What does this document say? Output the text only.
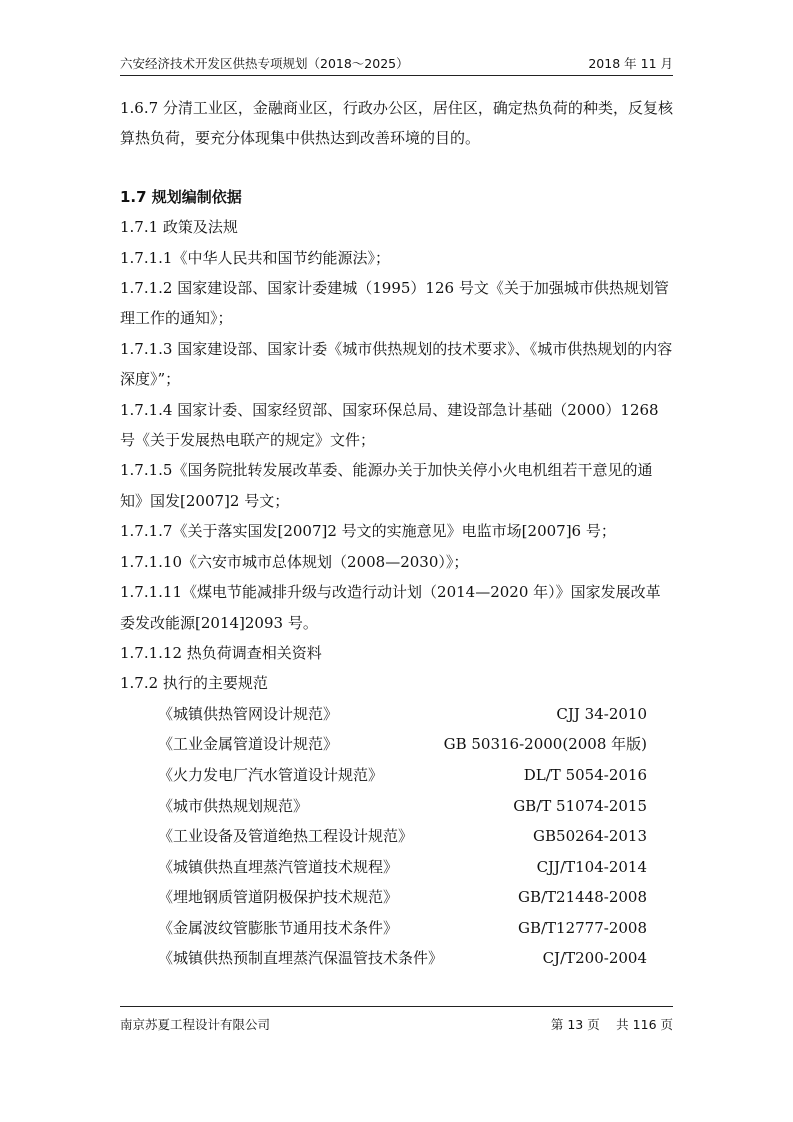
六安经济技术开发区供热专项规划（2018～2025）	2018 年 11 月

1.6.7 分清工业区，金融商业区，行政办公区，居住区，确定热负荷的种类，反复核算热负荷，要充分体现集中供热达到改善环境的目的。

1.7 规划编制依据

1.7.1 政策及法规

1.7.1.1《中华人民共和国节约能源法》；

1.7.1.2 国家建设部、国家计委建城（1995）126 号文《关于加强城市供热规划管理工作的通知》；

1.7.1.3 国家建设部、国家计委《城市供热规划的技术要求》、《城市供热规划的内容深度》”；

1.7.1.4 国家计委、国家经贸部、国家环保总局、建设部急计基础（2000）1268 号《关于发展热电联产的规定》文件；

1.7.1.5《国务院批转发展改革委、能源办关于加快关停小火电机组若干意见的通知》国发[2007]2 号文；

1.7.1.7《关于落实国发[2007]2 号文的实施意见》电监市场[2007]6 号；

1.7.1.10《六安市城市总体规划（2008—2030）》；

1.7.1.11《煤电节能减排升级与改造行动计划（2014—2020 年）》国家发展改革委发改能源[2014]2093 号。

1.7.1.12 热负荷调查相关资料

1.7.2 执行的主要规范

《城镇供热管网设计规范》	CJJ 34-2010
《工业金属管道设计规范》	GB 50316-2000(2008 年版)
《火力发电厂汽水管道设计规范》	DL/T 5054-2016
《城市供热规划规范》	GB/T 51074-2015
《工业设备及管道绝热工程设计规范》	GB50264-2013
《城镇供热直埋蒸汽管道技术规程》	CJJ/T104-2014
《埋地钢质管道阴极保护技术规范》	GB/T21448-2008
《金属波纹管膨胀节通用技术条件》	GB/T12777-2008
《城镇供热预制直埋蒸汽保温管技术条件》	CJ/T200-2004
南京苏夏工程设计有限公司	第 13 页　 共 116 页
